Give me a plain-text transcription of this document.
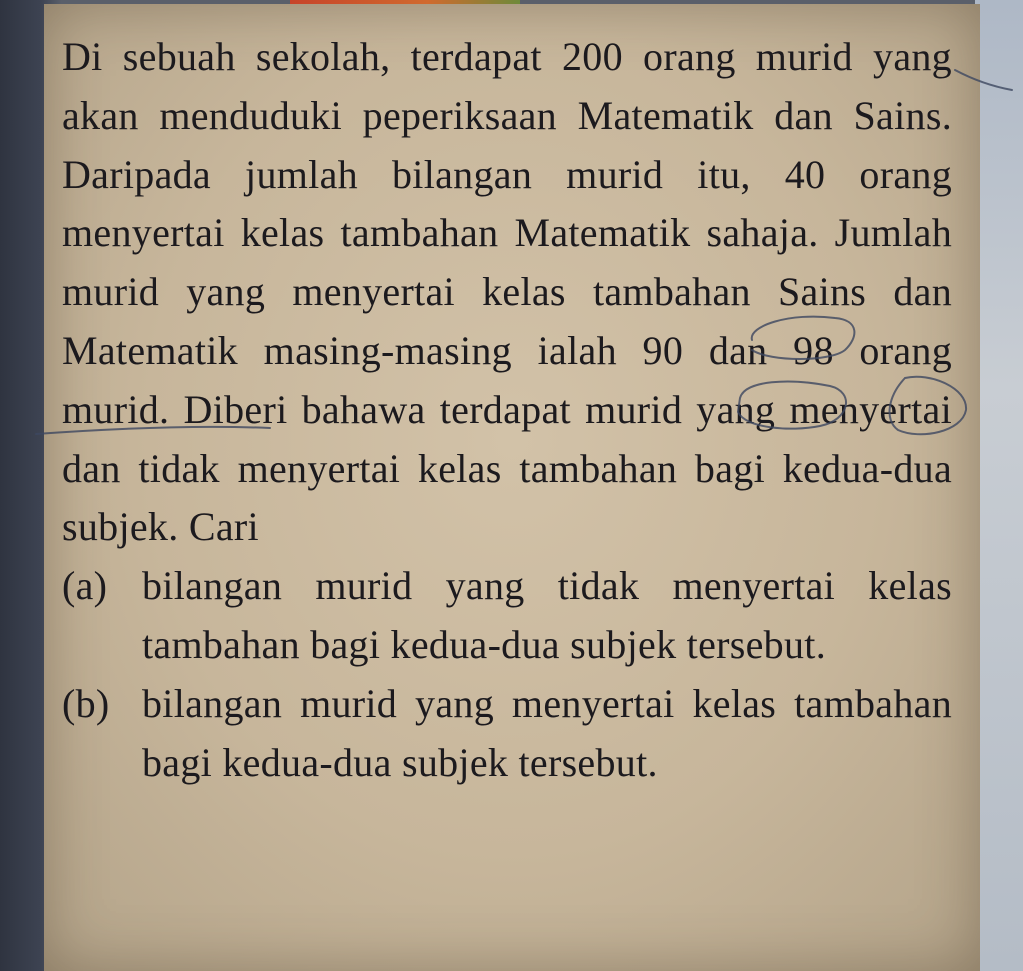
Di sebuah sekolah, terdapat 200 orang murid yang akan menduduki peperiksaan Matematik dan Sains. Daripada jumlah bilangan murid itu, 40 orang menyertai kelas tambahan Matematik sahaja. Jumlah murid yang menyertai kelas tambahan Sains dan Matematik masing-masing ialah 90 dan 98 orang murid. Diberi bahawa terdapat murid yang menyertai dan tidak menyertai kelas tambahan bagi kedua-dua subjek. Cari

(a) bilangan murid yang tidak menyertai kelas tambahan bagi kedua-dua subjek tersebut.
(b) bilangan murid yang menyertai kelas tambahan bagi kedua-dua subjek tersebut.
